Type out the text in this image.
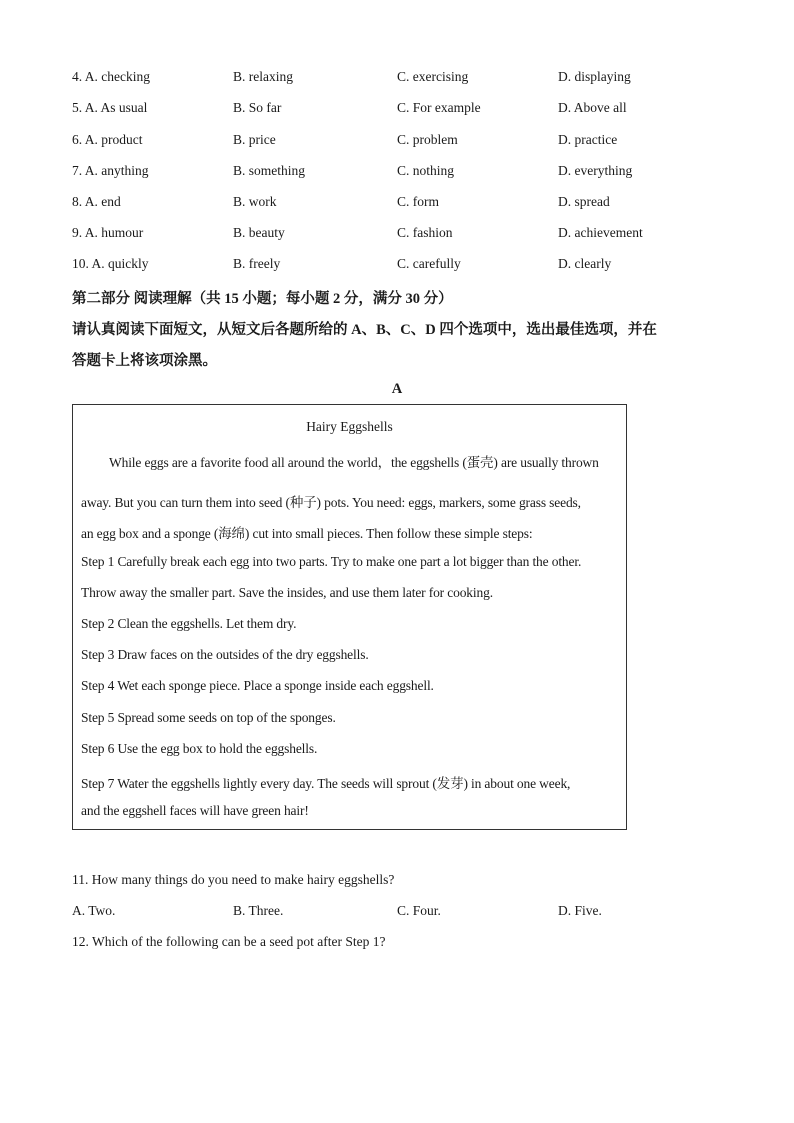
4. A. checking	B. relaxing	C. exercising	D. displaying
5. A. As usual	B. So far	C. For example	D. Above all
6. A. product	B. price	C. problem	D. practice
7. A. anything	B. something	C. nothing	D. everything
8. A. end	B. work	C. form	D. spread
9. A. humour	B. beauty	C. fashion	D. achievement
10. A. quickly	B. freely	C. carefully	D. clearly
第二部分 阅读理解（共 15 小题；每小题 2 分，满分 30 分）
请认真阅读下面短文，从短文后各题所给的 A、B、C、D 四个选项中，选出最佳选项，并在
答题卡上将该项涂黑。
A
Hairy Eggshells
While eggs are a favorite food all around the world，the eggshells (蛋壳) are usually thrown
away. But you can turn them into seed (种子) pots. You need: eggs, markers, some grass seeds,
an egg box and a sponge (海绵) cut into small pieces. Then follow these simple steps:
Step 1 Carefully break each egg into two parts. Try to make one part a lot bigger than the other.
Throw away the smaller part. Save the insides, and use them later for cooking.
Step 2 Clean the eggshells. Let them dry.
Step 3 Draw faces on the outsides of the dry eggshells.
Step 4 Wet each sponge piece. Place a sponge inside each eggshell.
Step 5 Spread some seeds on top of the sponges.
Step 6 Use the egg box to hold the eggshells.
Step 7 Water the eggshells lightly every day. The seeds will sprout (发芽) in about one week,
and the eggshell faces will have green hair!
11. How many things do you need to make hairy eggshells?
A. Two.	B. Three.	C. Four.	D. Five.
12. Which of the following can be a seed pot after Step 1?
